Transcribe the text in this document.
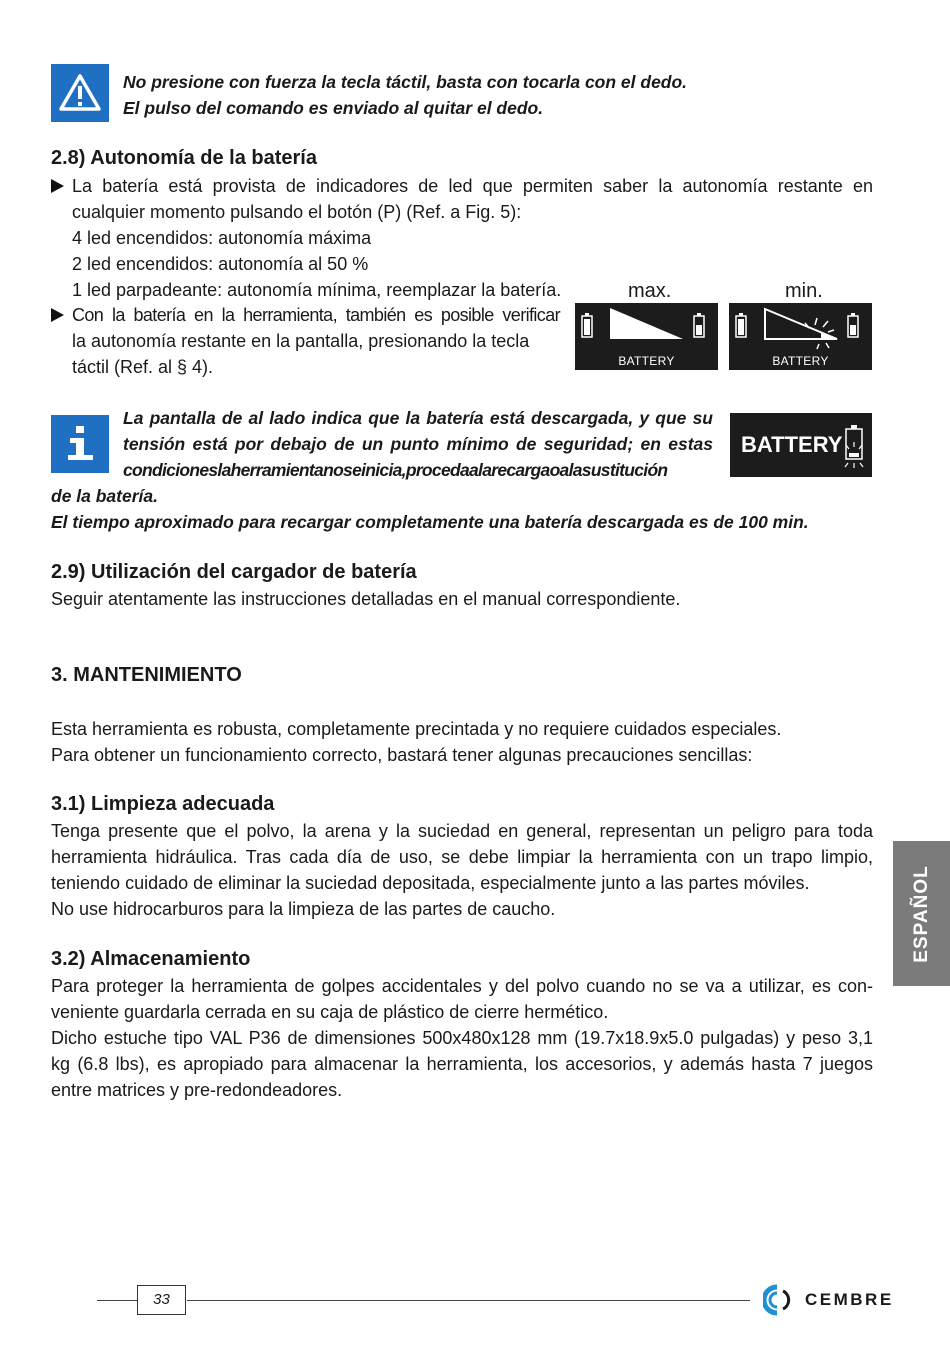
No presione con fuerza la tecla táctil, basta con tocarla con el dedo.
El pulso del comando es enviado al quitar el dedo.
2.8) Autonomía de la batería

La batería está provista de indicadores de led que permiten saber la autonomía restante en

cualquier momento pulsando el botón (P) (Ref. a Fig. 5):

4 led encendidos: autonomía máxima

2 led encendidos: autonomía al 50 %

1 led parpadeante: autonomía mínima, reemplazar la batería.

Con la batería en la herramienta, también es posible verificar

la autonomía restante en la pantalla, presionando la tecla

táctil (Ref. al § 4).

max.	min.
BATTERY	BATTERY

La pantalla de al lado indica que la batería está descargada, y que su

tensión está por debajo de un punto mínimo de seguridad; en estas

condicioneslaherramientanoseinicia,procedaalarecargaoalasustitución

de la batería.
El tiempo aproximado para recargar completamente una batería descargada es de 100 min.
BATTERY
2.9) Utilización del cargador de batería
Seguir atentamente las instrucciones detalladas en el manual correspondiente.
3. MANTENIMIENTO

Esta herramienta es robusta, completamente precintada y no requiere cuidados especiales.

Para obtener un funcionamiento correcto, bastará tener algunas precauciones sencillas:

3.1) Limpieza adecuada

Tenga presente que el polvo, la arena y la suciedad en general, representan un peligro para toda

herramienta hidráulica. Tras cada día de uso, se debe limpiar la herramienta con un trapo limpio,

teniendo cuidado de eliminar la suciedad depositada, especialmente junto a las partes móviles.

No use hidrocarburos para la limpieza de las partes de caucho.

3.2) Almacenamiento

Para proteger la herramienta de golpes accidentales y del polvo cuando no se va a utilizar, es con-

veniente guardarla cerrada en su caja de plástico de cierre hermético.

Dicho estuche tipo VAL P36 de dimensiones 500x480x128 mm (19.7x18.9x5.0 pulgadas) y peso 3,1

kg (6.8 lbs), es apropiado para almacenar la herramienta, los accesorios, y además hasta 7 juegos

entre matrices y pre-redondeadores.

ESPAÑOL
33	CEMBRE
